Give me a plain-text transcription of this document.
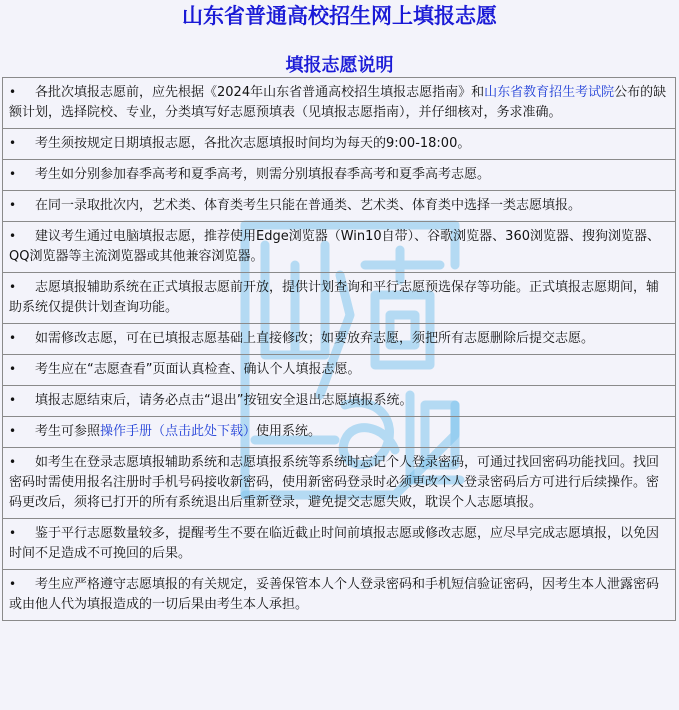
山东省普通高校招生网上填报志愿
填报志愿说明
• 各批次填报志愿前，应先根据《2024年山东省普通高校招生填报志愿指南》和山东省教育招生考试院公布的缺额计划，选择院校、专业，分类填写好志愿预填表（见填报志愿指南），并仔细核对，务求准确。
• 考生须按规定日期填报志愿，各批次志愿填报时间均为每天的9:00-18:00。
• 考生如分别参加春季高考和夏季高考，则需分别填报春季高考和夏季高考志愿。
• 在同一录取批次内，艺术类、体育类考生只能在普通类、艺术类、体育类中选择一类志愿填报。
• 建议考生通过电脑填报志愿，推荐使用Edge浏览器（Win10自带）、谷歌浏览器、360浏览器、搜狗浏览器、QQ浏览器等主流浏览器或其他兼容浏览器。
• 志愿填报辅助系统在正式填报志愿前开放，提供计划查询和平行志愿预选保存等功能。正式填报志愿期间，辅助系统仅提供计划查询功能。
• 如需修改志愿，可在已填报志愿基础上直接修改；如要放弃志愿，须把所有志愿删除后提交志愿。
• 考生应在“志愿查看”页面认真检查、确认个人填报志愿。
• 填报志愿结束后，请务必点击“退出”按钮安全退出志愿填报系统。
• 考生可参照操作手册（点击此处下载）使用系统。
• 如考生在登录志愿填报辅助系统和志愿填报系统等系统时忘记个人登录密码，可通过找回密码功能找回。找回密码时需使用报名注册时手机号码接收新密码，使用新密码登录时必须更改个人登录密码后方可进行后续操作。密码更改后，须将已打开的所有系统退出后重新登录，避免提交志愿失败，耽误个人志愿填报。
• 鉴于平行志愿数量较多，提醒考生不要在临近截止时间前填报志愿或修改志愿，应尽早完成志愿填报，以免因时间不足造成不可挽回的后果。
• 考生应严格遵守志愿填报的有关规定，妥善保管本人个人登录密码和手机短信验证密码，因考生本人泄露密码或由他人代为填报造成的一切后果由考生本人承担。
